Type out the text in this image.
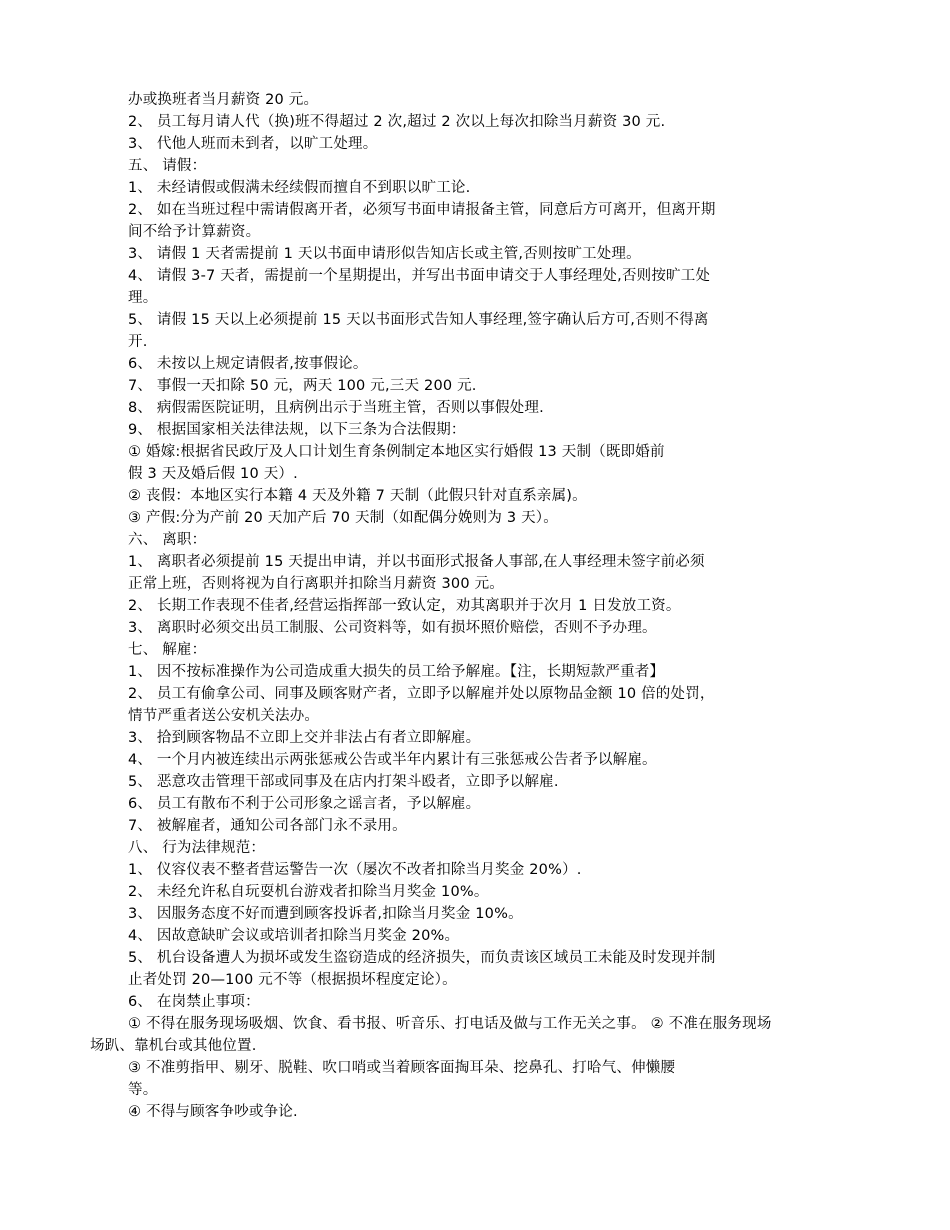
办或换班者当月薪资 20 元。
2、 员工每月请人代（换)班不得超过 2 次,超过 2 次以上每次扣除当月薪资 30 元.
3、 代他人班而未到者，以旷工处理。
五、 请假：
1、 未经请假或假满未经续假而擅自不到职以旷工论.
2、 如在当班过程中需请假离开者，必须写书面申请报备主管，同意后方可离开，但离开期
间不给予计算薪资。
3、 请假 1 天者需提前 1 天以书面申请形似告知店长或主管,否则按旷工处理。
4、 请假 3-7 天者，需提前一个星期提出，并写出书面申请交于人事经理处,否则按旷工处
理。
5、 请假 15 天以上必须提前 15 天以书面形式告知人事经理,签字确认后方可,否则不得离
开.
6、 未按以上规定请假者,按事假论。
7、 事假一天扣除 50 元，两天 100 元,三天 200 元.
8、 病假需医院证明，且病例出示于当班主管，否则以事假处理.
9、 根据国家相关法律法规，以下三条为合法假期：
① 婚嫁:根据省民政厅及人口计划生育条例制定本地区实行婚假 13 天制（既即婚前
假 3 天及婚后假 10 天）.
② 丧假：本地区实行本籍 4 天及外籍 7 天制（此假只针对直系亲属)。
③ 产假:分为产前 20 天加产后 70 天制（如配偶分娩则为 3 天）。
六、 离职：
1、 离职者必须提前 15 天提出申请，并以书面形式报备人事部,在人事经理未签字前必须
正常上班，否则将视为自行离职并扣除当月薪资 300 元。
2、 长期工作表现不佳者,经营运指挥部一致认定，劝其离职并于次月 1 日发放工资。
3、 离职时必须交出员工制服、公司资料等，如有损坏照价赔偿，否则不予办理。
七、 解雇：
1、 因不按标准操作为公司造成重大损失的员工给予解雇。【注，长期短款严重者】
2、 员工有偷拿公司、同事及顾客财产者，立即予以解雇并处以原物品金额 10 倍的处罚，
情节严重者送公安机关法办。
3、 拾到顾客物品不立即上交并非法占有者立即解雇。
4、 一个月内被连续出示两张惩戒公告或半年内累计有三张惩戒公告者予以解雇。
5、 恶意攻击管理干部或同事及在店内打架斗殴者，立即予以解雇.
6、 员工有散布不利于公司形象之谣言者，予以解雇。
7、 被解雇者，通知公司各部门永不录用。
八、 行为法律规范：
1、 仪容仪表不整者营运警告一次（屡次不改者扣除当月奖金 20%）.
2、 未经允许私自玩耍机台游戏者扣除当月奖金 10%。
3、 因服务态度不好而遭到顾客投诉者,扣除当月奖金 10%。
4、 因故意缺旷会议或培训者扣除当月奖金 20%。
5、 机台设备遭人为损坏或发生盗窃造成的经济损失，而负责该区域员工未能及时发现并制
止者处罚 20—100 元不等（根据损坏程度定论）。
6、 在岗禁止事项：
① 不得在服务现场吸烟、饮食、看书报、听音乐、打电话及做与工作无关之事。 ② 不准在服务现场
场趴、靠机台或其他位置.
③ 不准剪指甲、剔牙、脱鞋、吹口哨或当着顾客面掏耳朵、挖鼻孔、打哈气、伸懒腰
等。
④ 不得与顾客争吵或争论.
